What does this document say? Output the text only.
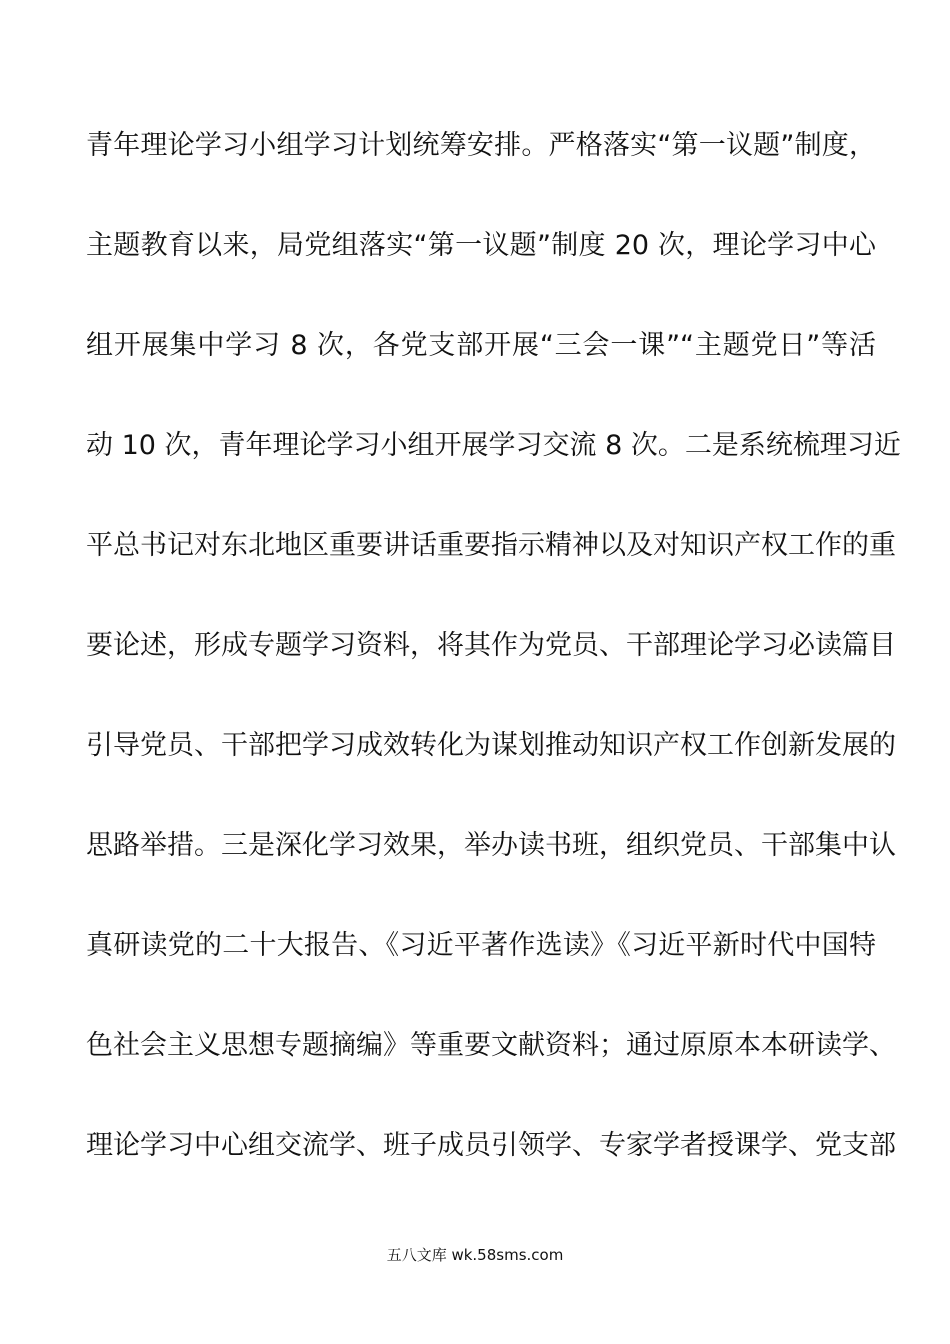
青年理论学习小组学习计划统筹安排。严格落实“第一议题”制度，
主题教育以来，局党组落实“第一议题”制度 20 次，理论学习中心
组开展集中学习 8 次，各党支部开展“三会一课”“主题党日”等活
动 10 次，青年理论学习小组开展学习交流 8 次。二是系统梳理习近
平总书记对东北地区重要讲话重要指示精神以及对知识产权工作的重
要论述，形成专题学习资料，将其作为党员、干部理论学习必读篇目
引导党员、干部把学习成效转化为谋划推动知识产权工作创新发展的
思路举措。三是深化学习效果，举办读书班，组织党员、干部集中认
真研读党的二十大报告、《习近平著作选读》《习近平新时代中国特
色社会主义思想专题摘编》等重要文献资料；通过原原本本研读学、
理论学习中心组交流学、班子成员引领学、专家学者授课学、党支部
五八文库 wk.58sms.com
